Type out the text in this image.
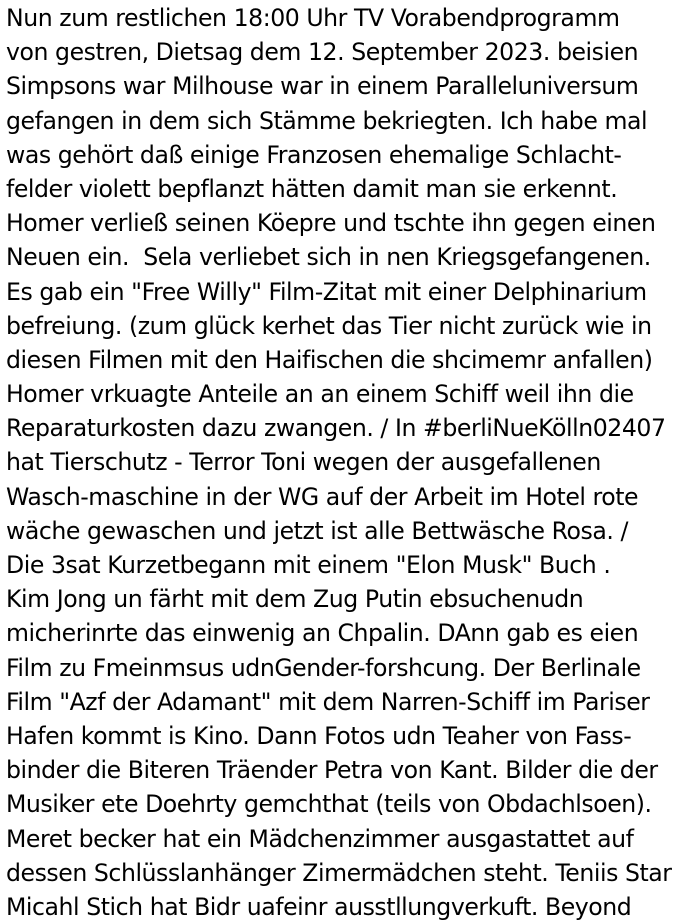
Nun zum restlichen 18:00 Uhr TV Vorabendprogramm
von gestren, Dietsag dem 12. September 2023. beisien
Simpsons war Milhouse war in einem Paralleluniversum
gefangen in dem sich Stämme bekriegten. Ich habe mal
was gehört daß einige Franzosen ehemalige Schlacht-
felder violett bepflanzt hätten damit man sie erkennt.
Homer verließ seinen Köepre und tschte ihn gegen einen
Neuen ein.  Sela verliebet sich in nen Kriegsgefangenen.
Es gab ein "Free Willy" Film-Zitat mit einer Delphinarium
befreiung. (zum glück kerhet das Tier nicht zurück wie in
diesen Filmen mit den Haifischen die shcimemr anfallen)
Homer vrkuagte Anteile an an einem Schiff weil ihn die
Reparaturkosten dazu zwangen. / In #berliNueKölln02407
hat Tierschutz - Terror Toni wegen der ausgefallenen
Wasch-maschine in der WG auf der Arbeit im Hotel rote
wäche gewaschen und jetzt ist alle Bettwäsche Rosa. /
Die 3sat Kurzetbegann mit einem "Elon Musk" Buch .
Kim Jong un färht mit dem Zug Putin ebsuchenudn
micherinrte das einwenig an Chpalin. DAnn gab es eien
Film zu Fmeinmsus udnGender-forshcung. Der Berlinale
Film "Azf der Adamant" mit dem Narren-Schiff im Pariser
Hafen kommt is Kino. Dann Fotos udn Teaher von Fass-
binder die Biteren Träender Petra von Kant. Bilder die der
Musiker ete Doehrty gemchthat (teils von Obdachlsoen).
Meret becker hat ein Mädchenzimmer ausgastattet auf
dessen Schlüsslanhänger Zimermädchen steht. Teniis Star
Micahl Stich hat Bidr uafeinr ausstllungverkuft. Beyond
